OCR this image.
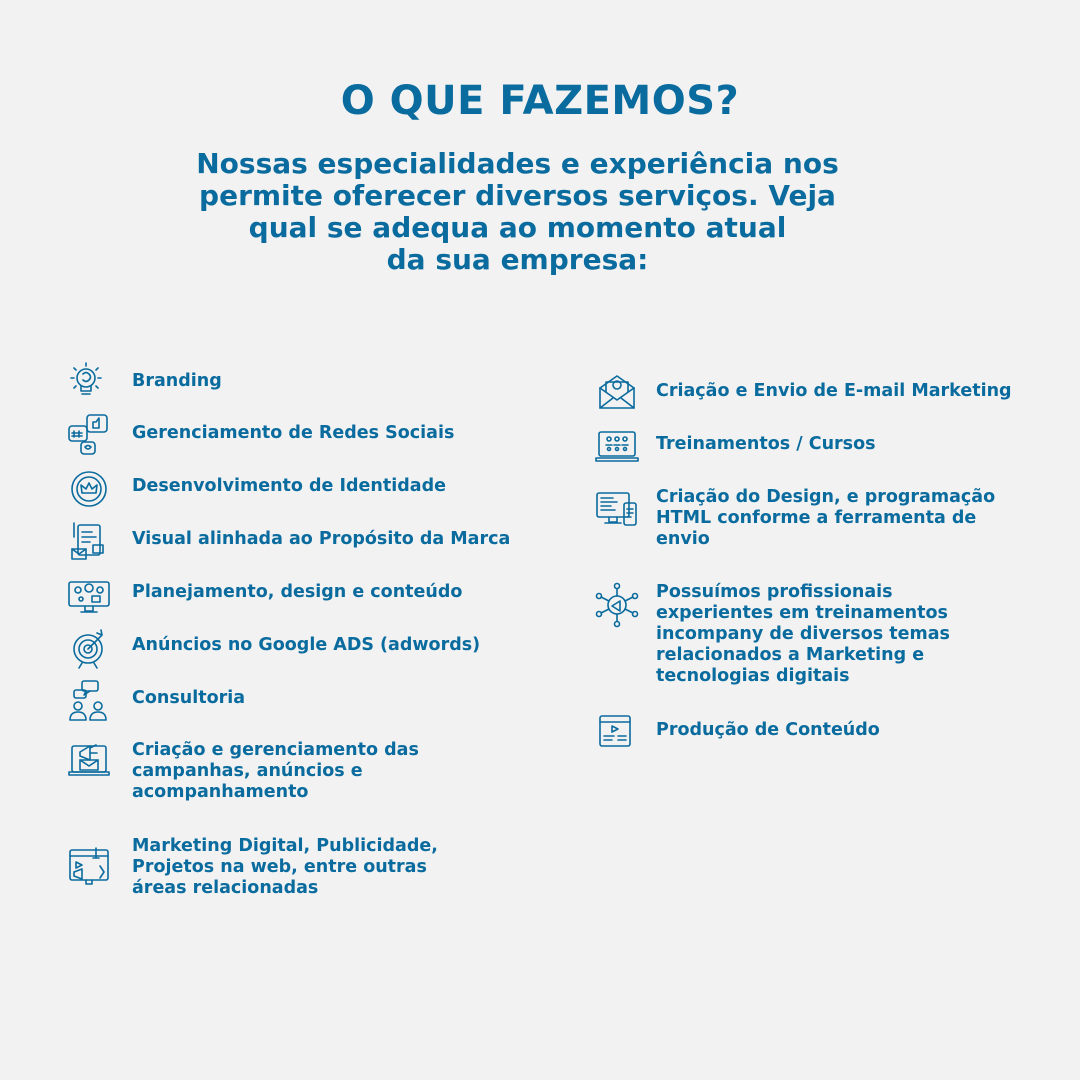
O QUE FAZEMOS?

Nossas especialidades e experiência nos
permite oferecer diversos serviços. Veja
qual se adequa ao momento atual
da sua empresa:

Branding
Gerenciamento de Redes Sociais
Desenvolvimento de Identidade
Visual alinhada ao Propósito da Marca
Planejamento, design e conteúdo
Anúncios no Google ADS (adwords)
Consultoria
Criação e gerenciamento das
campanhas, anúncios e
acompanhamento
Marketing Digital, Publicidade,
Projetos na web, entre outras
áreas relacionadas
Criação e Envio de E-mail Marketing
Treinamentos / Cursos
Criação do Design, e programação
HTML conforme a ferramenta de
envio
Possuímos profissionais
experientes em treinamentos
incompany de diversos temas
relacionados a Marketing e
tecnologias digitais
Produção de Conteúdo
